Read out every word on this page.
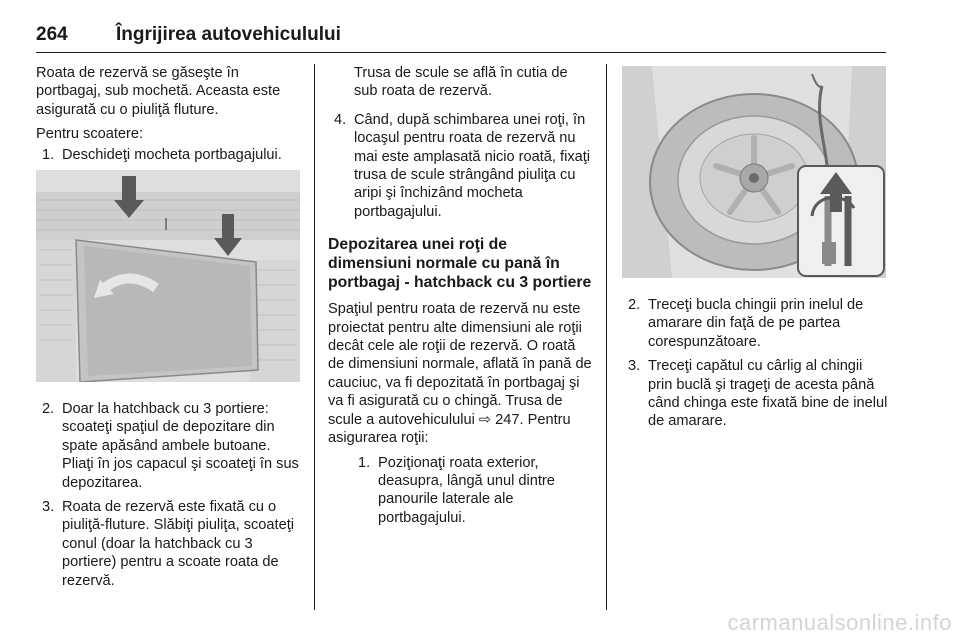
264	Îngrijirea autovehiculului

Roata de rezervă se găseşte în portbagaj, sub mochetă. Aceasta este asigurată cu o piuliţă fluture.

Pentru scoatere:

1. Deschideţi mocheta portbagajului.
2. Doar la hatchback cu 3 portiere: scoateţi spaţiul de depozitare din spate apăsând ambele butoane. Pliaţi în jos capacul şi scoateţi în sus depozitarea.
3. Roata de rezervă este fixată cu o piuliţă-fluture. Slăbiţi piuliţa, scoateţi conul (doar la hatchback cu 3 portiere) pentru a scoate roata de rezervă.
Trusa de scule se află în cutia de sub roata de rezervă.
4. Când, după schimbarea unei roţi, în locaşul pentru roata de rezervă nu mai este amplasată nicio roată, fixaţi trusa de scule strângând piuliţa cu aripi şi închizând mocheta portbagajului.
Depozitarea unei roţi de dimensiuni normale cu pană în portbagaj - hatchback cu 3 portiere

Spaţiul pentru roata de rezervă nu este proiectat pentru alte dimensiuni ale roţii decât cele ale roţii de rezervă. O roată de dimensiuni normale, aflată în pană de cauciuc, va fi depozitată în portbagaj şi va fi asigurată cu o chingă. Trusa de scule a autovehiculului ⇨ 247. Pentru asigurarea roţii:

1. Poziţionaţi roata exterior, deasupra, lângă unul dintre panourile laterale ale portbagajului.
2. Treceţi bucla chingii prin inelul de amarare din faţă de pe partea corespunzătoare.
3. Treceţi capătul cu cârlig al chingii prin buclă şi trageţi de acesta până când chinga este fixată bine de inelul de amarare.
carmanualsonline.info
